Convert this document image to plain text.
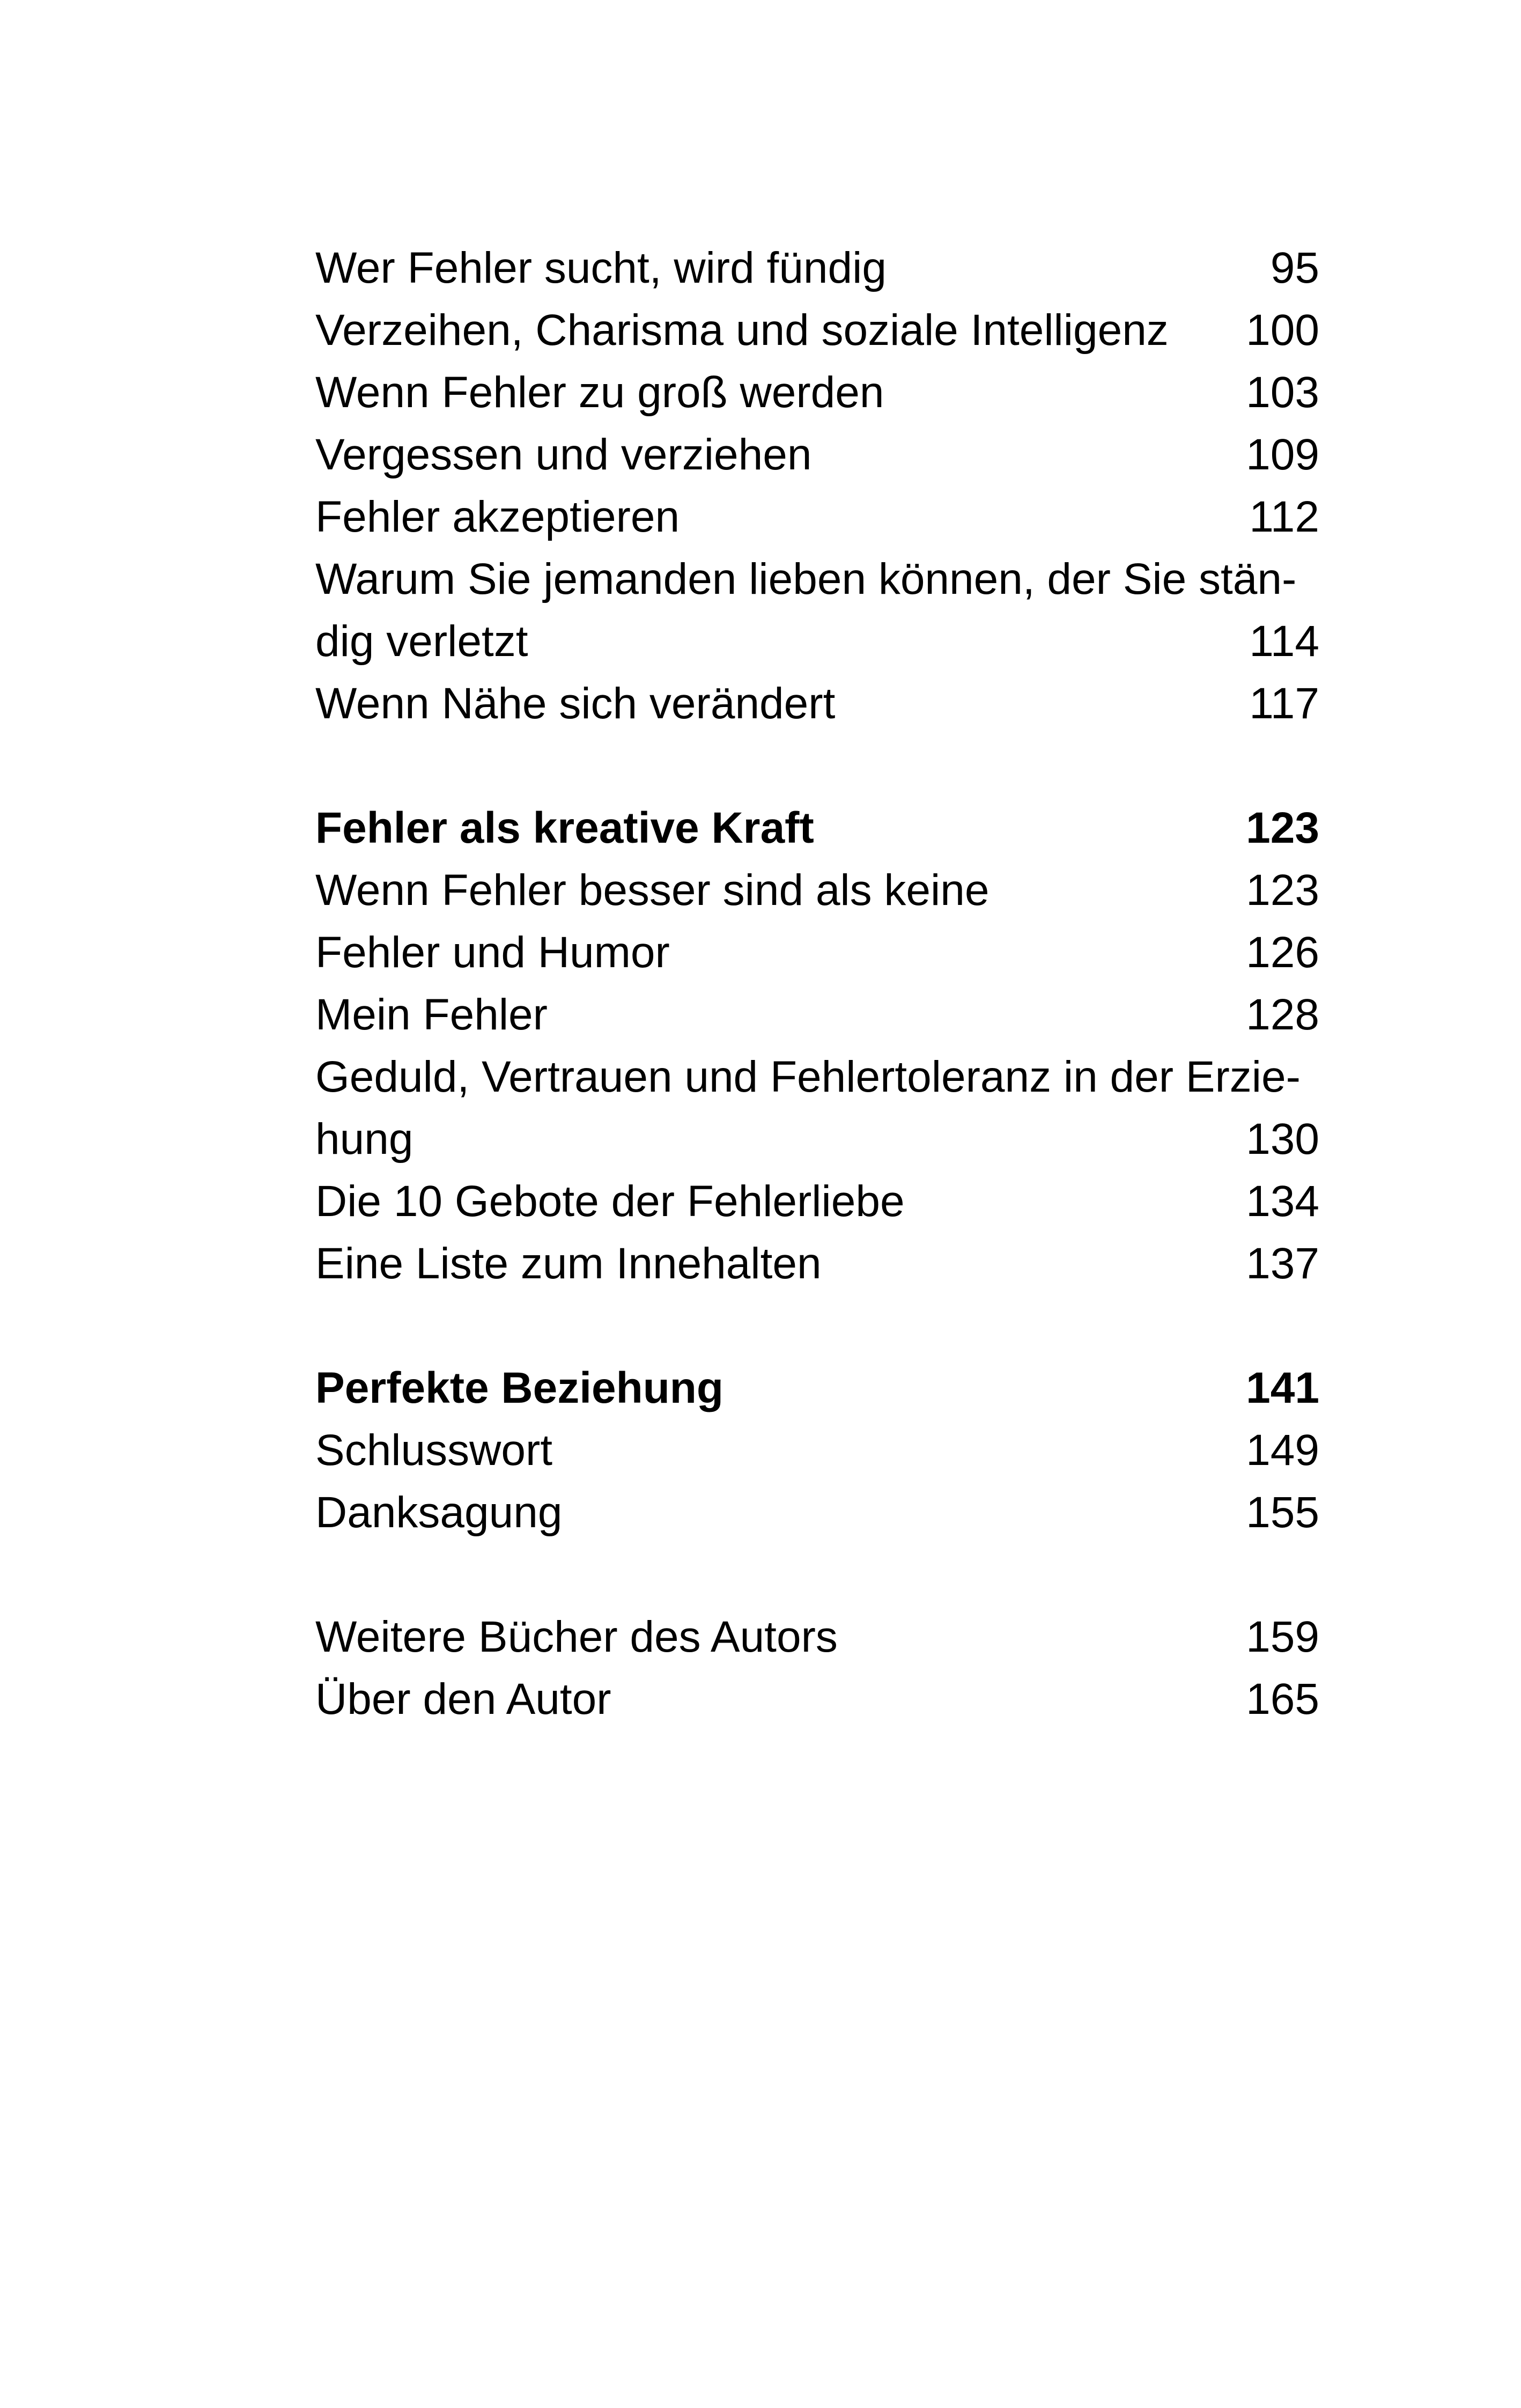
Wer Fehler sucht, wird fündig	95
Verzeihen, Charisma und soziale Intelligenz 100
Wenn Fehler zu groß werden	103
Vergessen und verziehen	109
Fehler akzeptieren	112
Warum Sie jemanden lieben können, der Sie stän-
dig verletzt	114
Wenn Nähe sich verändert	117
Fehler als kreative Kraft	123
Wenn Fehler besser sind als keine	123
Fehler und Humor	126
Mein Fehler	128
Geduld, Vertrauen und Fehlertoleranz in der Erzie-
hung	130
Die 10 Gebote der Fehlerliebe	134
Eine Liste zum Innehalten	137
Perfekte Beziehung	141
Schlusswort	149
Danksagung	155
Weitere Bücher des Autors	159
Über den Autor	165
